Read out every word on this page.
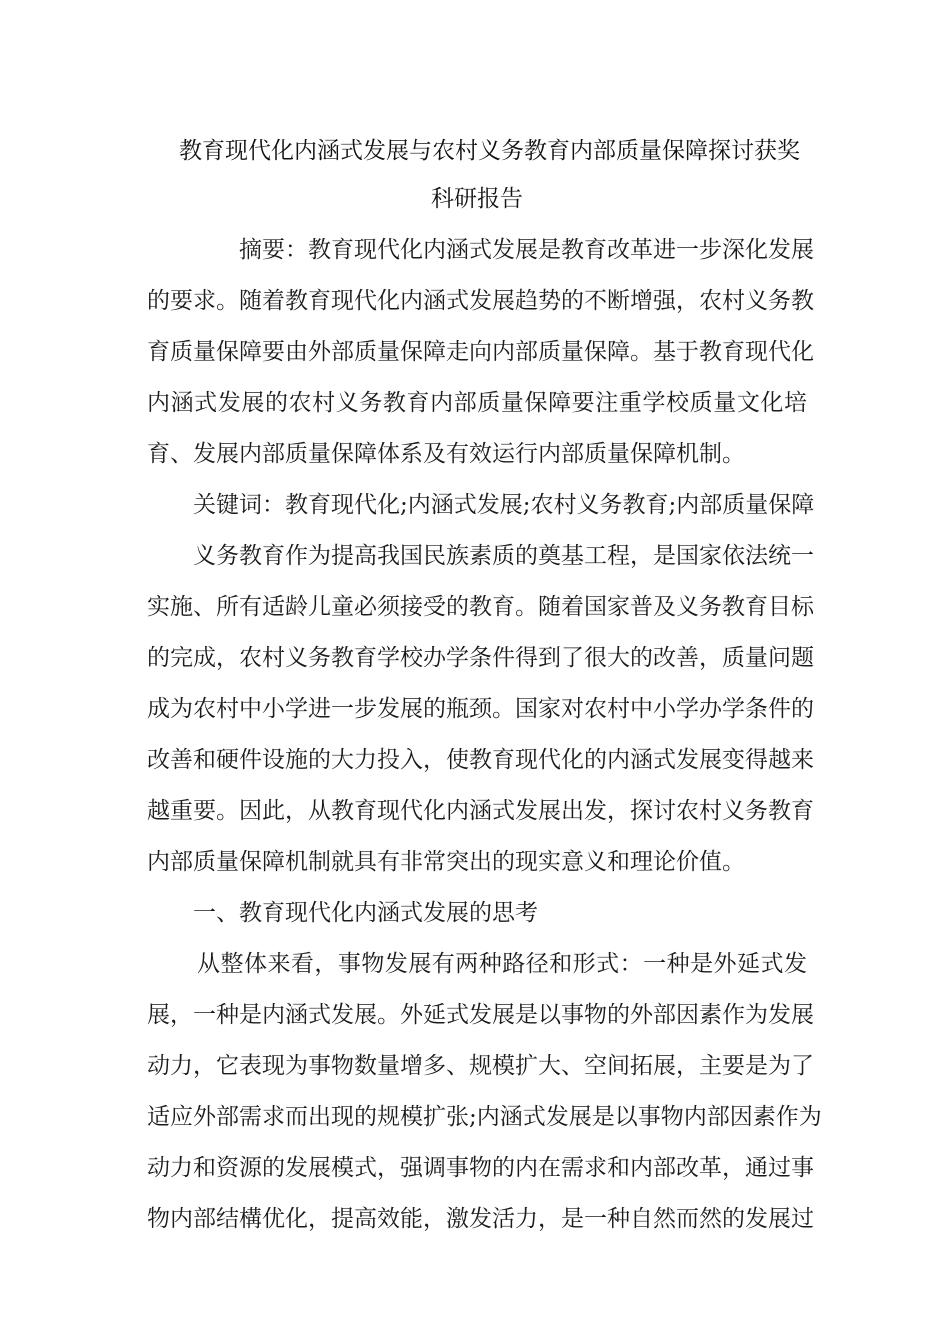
教育现代化内涵式发展与农村义务教育内部质量保障探讨获奖
科研报告
摘要：教育现代化内涵式发展是教育改革进一步深化发展
的要求。随着教育现代化内涵式发展趋势的不断增强，农村义务教
育质量保障要由外部质量保障走向内部质量保障。基于教育现代化
内涵式发展的农村义务教育内部质量保障要注重学校质量文化培
育、发展内部质量保障体系及有效运行内部质量保障机制。
关键词：教育现代化;内涵式发展;农村义务教育;内部质量保障
义务教育作为提高我国民族素质的奠基工程，是国家依法统一
实施、所有适龄儿童必须接受的教育。随着国家普及义务教育目标
的完成，农村义务教育学校办学条件得到了很大的改善，质量问题
成为农村中小学进一步发展的瓶颈。国家对农村中小学办学条件的
改善和硬件设施的大力投入，使教育现代化的内涵式发展变得越来
越重要。因此，从教育现代化内涵式发展出发，探讨农村义务教育
内部质量保障机制就具有非常突出的现实意义和理论价值。
一、教育现代化内涵式发展的思考
从整体来看，事物发展有两种路径和形式：一种是外延式发
展，一种是内涵式发展。外延式发展是以事物的外部因素作为发展
动力，它表现为事物数量增多、规模扩大、空间拓展，主要是为了
适应外部需求而出现的规模扩张;内涵式发展是以事物内部因素作为
动力和资源的发展模式，强调事物的内在需求和内部改革，通过事
物内部结構优化，提高效能，激发活力，是一种自然而然的发展过
